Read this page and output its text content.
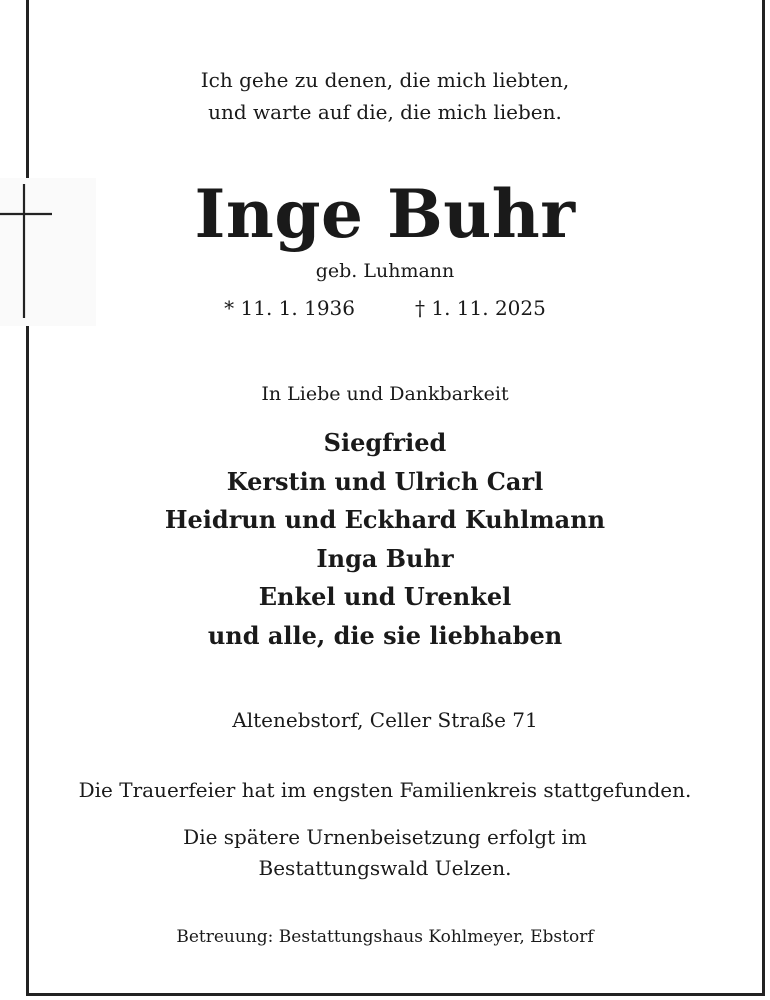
Ich gehe zu denen, die mich liebten,
und warte auf die, die mich lieben.
Inge Buhr
geb. Luhmann
* 11. 1. 1936	† 1. 11. 2025
In Liebe und Dankbarkeit
Siegfried
Kerstin und Ulrich Carl
Heidrun und Eckhard Kuhlmann
Inga Buhr
Enkel und Urenkel
und alle, die sie liebhaben
Altenebstorf, Celler Straße 71
Die Trauerfeier hat im engsten Familienkreis stattgefunden.
Die spätere Urnenbeisetzung erfolgt im
Bestattungswald Uelzen.
Betreuung: Bestattungshaus Kohlmeyer, Ebstorf
